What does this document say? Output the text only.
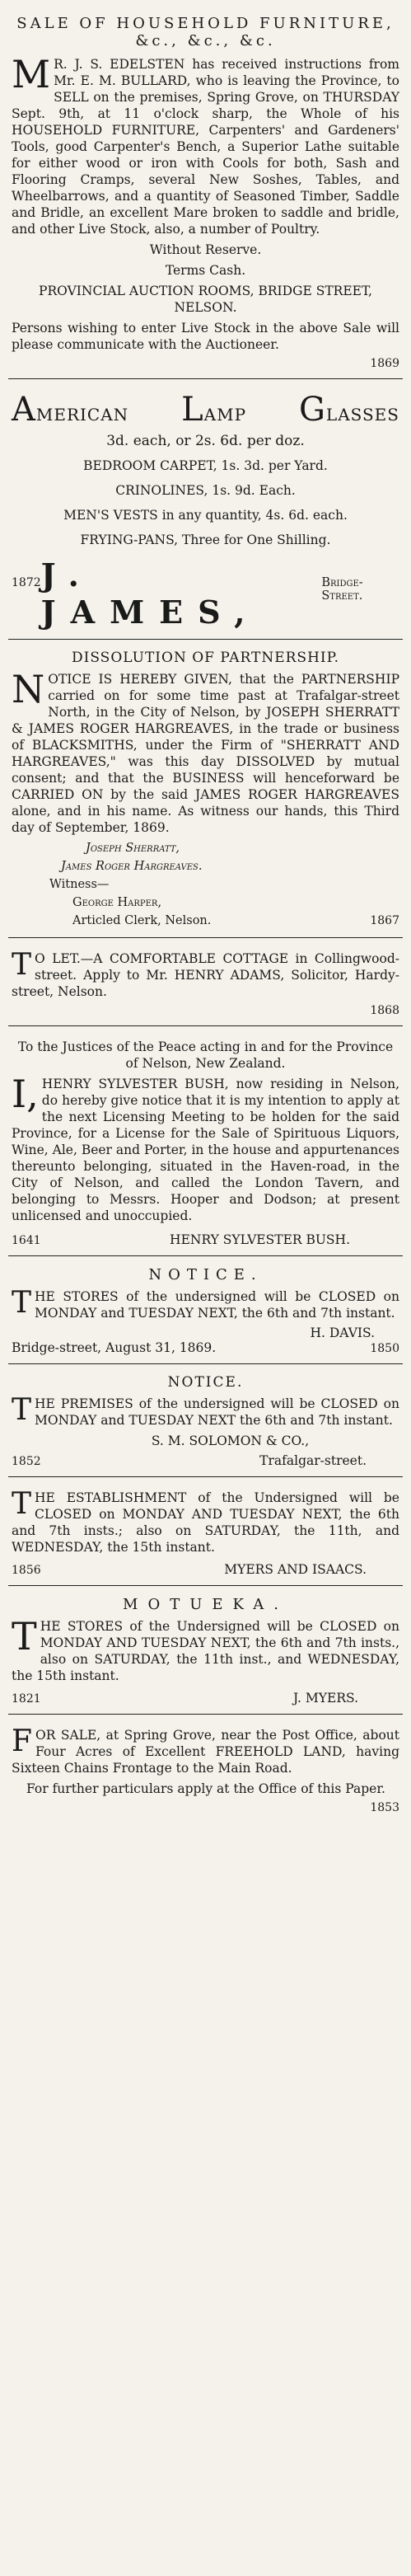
SALE OF HOUSEHOLD FURNITURE, &c., &c., &c.

MR. J. S. EDELSTEN has received instructions from Mr. E. M. BULLARD, who is leaving the Province, to SELL on the premises, Spring Grove, on THURSDAY Sept. 9th, at 11 o'clock sharp, the Whole of his HOUSEHOLD FURNITURE, Carpenters' and Gardeners' Tools, good Carpenter's Bench, a Superior Lathe suitable for either wood or iron with Cools for both, Sash and Flooring Cramps, several New Soshes, Tables, and Wheelbarrows, and a quantity of Seasoned Timber, Saddle and Bridle, an excellent Mare broken to saddle and bridle, and other Live Stock, also, a number of Poultry.

Without Reserve.

Terms Cash.

PROVINCIAL AUCTION ROOMS, BRIDGE STREET, NELSON.

Persons wishing to enter Live Stock in the above Sale will please communicate with the Auctioneer.

1869
AMERICAN LAMP GLASSES

3d. each, or 2s. 6d. per doz.

BEDROOM CARPET, 1s. 3d. per Yard.

CRINOLINES, 1s. 9d. Each.

MEN'S VESTS in any quantity, 4s. 6d. each.

FRYING-PANS, Three for One Shilling.

1872 J. JAMES,
Bridge-Street.
DISSOLUTION OF PARTNERSHIP.

NOTICE IS HEREBY GIVEN, that the PARTNERSHIP carried on for some time past at Trafalgar-street North, in the City of Nelson, by JOSEPH SHERRATT & JAMES ROGER HARGREAVES, in the trade or business of BLACKSMITHS, under the Firm of "SHERRATT AND HARGREAVES," was this day DISSOLVED by mutual consent; and that the BUSINESS will henceforward be CARRIED ON by the said JAMES ROGER HARGREAVES alone, and in his name. As witness our hands, this Third day of September, 1869.

Joseph Sherratt,

James Roger Hargreaves.

Witness—

George Harper,

Articled Clerk, Nelson.	1867

TO LET.—A COMFORTABLE COTTAGE in Collingwood-street. Apply to Mr. HENRY ADAMS, Solicitor, Hardy-street, Nelson.

1868

To the Justices of the Peace acting in and for the Province of Nelson, New Zealand.

I,HENRY SYLVESTER BUSH, now residing in Nelson, do hereby give notice that it is my intention to apply at the next Licensing Meeting to be holden for the said Province, for a License for the Sale of Spirituous Liquors, Wine, Ale, Beer and Porter, in the house and appurtenances thereunto belonging, situated in the Haven-road, in the City of Nelson, and called the London Tavern, and belonging to Messrs. Hooper and Dodson; at present unlicensed and unoccupied.

1641	HENRY SYLVESTER BUSH.
NOTICE.

THE STORES of the undersigned will be CLOSED on MONDAY and TUESDAY NEXT, the 6th and 7th instant.

H. DAVIS.
Bridge-street, August 31, 1869.	1850
NOTICE.

THE PREMISES of the undersigned will be CLOSED on MONDAY and TUESDAY NEXT the 6th and 7th instant.

S. M. SOLOMON & CO.,

1852	Trafalgar-street.

THE ESTABLISHMENT of the Undersigned will be CLOSED on MONDAY AND TUESDAY NEXT, the 6th and 7th insts.; also on SATURDAY, the 11th, and WEDNESDAY, the 15th instant.

1856	MYERS AND ISAACS.
MOTUEKA.

THE STORES of the Undersigned will be CLOSED on MONDAY AND TUESDAY NEXT, the 6th and 7th insts., also on SATURDAY, the 11th inst., and WEDNESDAY, the 15th instant.

1821	J. MYERS.

FOR SALE, at Spring Grove, near the Post Office, about Four Acres of Excellent FREEHOLD LAND, having Sixteen Chains Frontage to the Main Road.

For further particulars apply at the Office of this Paper.

1853
